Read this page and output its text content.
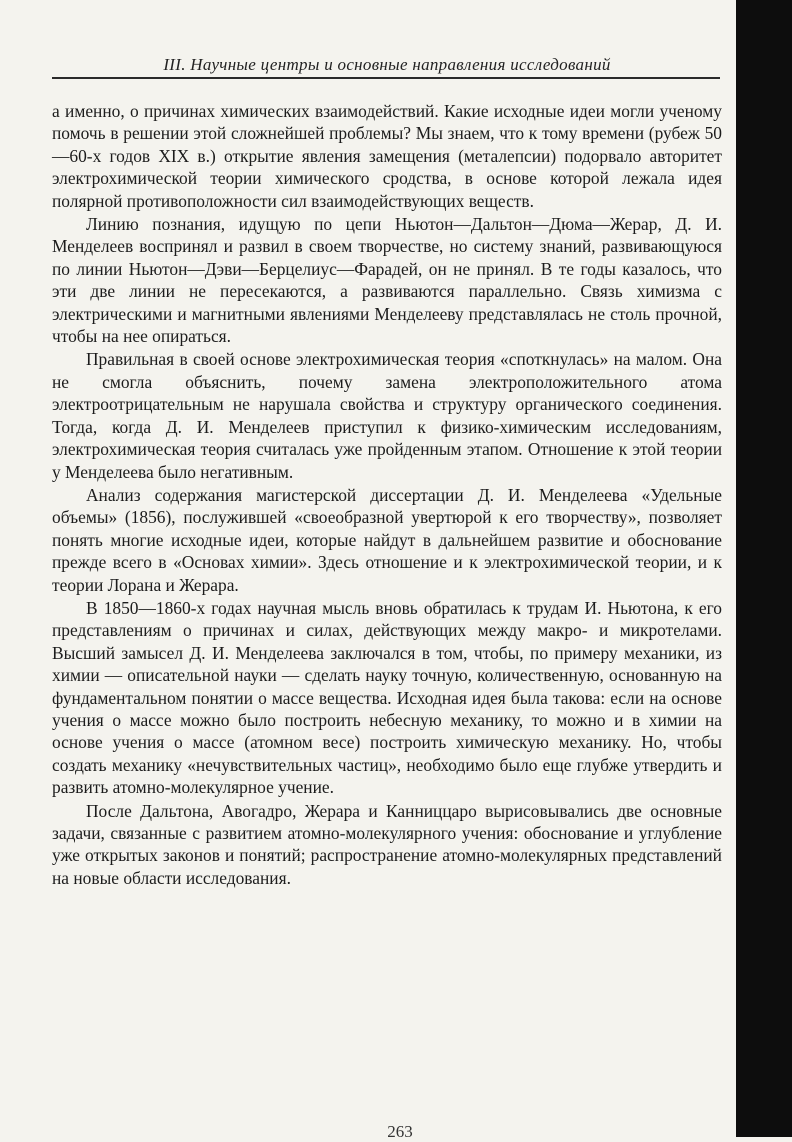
III. Научные центры и основные направления исследований

а именно, о причинах химических взаимодействий. Какие исходные идеи могли ученому помочь в решении этой сложнейшей проблемы? Мы знаем, что к тому времени (рубеж 50—60-х годов XIX в.) открытие явления замещения (металепсии) подорвало авторитет электрохимической теории химического сродства, в основе которой лежала идея полярной противоположности сил взаимодействующих веществ.

Линию познания, идущую по цепи Ньютон—Дальтон—Дюма—Жерар, Д. И. Менделеев воспринял и развил в своем творчестве, но систему знаний, развивающуюся по линии Ньютон—Дэви—Берцелиус—Фарадей, он не принял. В те годы казалось, что эти две линии не пересекаются, а развиваются параллельно. Связь химизма с электрическими и магнитными явлениями Менделееву представлялась не столь прочной, чтобы на нее опираться.

Правильная в своей основе электрохимическая теория «споткнулась» на малом. Она не смогла объяснить, почему замена электроположительного атома электроотрицательным не нарушала свойства и структуру органического соединения. Тогда, когда Д. И. Менделеев приступил к физико-химическим исследованиям, электрохимическая теория считалась уже пройденным этапом. Отношение к этой теории у Менделеева было негативным.

Анализ содержания магистерской диссертации Д. И. Менделеева «Удельные объемы» (1856), послужившей «своеобразной увертюрой к его творчеству», позволяет понять многие исходные идеи, которые найдут в дальнейшем развитие и обоснование прежде всего в «Основах химии». Здесь отношение и к электрохимической теории, и к теории Лорана и Жерара.

В 1850—1860-х годах научная мысль вновь обратилась к трудам И. Ньютона, к его представлениям о причинах и силах, действующих между макро- и микротелами. Высший замысел Д. И. Менделеева заключался в том, чтобы, по примеру механики, из химии — описательной науки — сделать науку точную, количественную, основанную на фундаментальном понятии о массе вещества. Исходная идея была такова: если на основе учения о массе можно было построить небесную механику, то можно и в химии на основе учения о массе (атомном весе) построить химическую механику. Но, чтобы создать механику «нечувствительных частиц», необходимо было еще глубже утвердить и развить атомно-молекулярное учение.

После Дальтона, Авогадро, Жерара и Канниццаро вырисовывались две основные задачи, связанные с развитием атомно-молекулярного учения: обоснование и углубление уже открытых законов и понятий; распространение атомно-молекулярных представлений на новые области исследования.

263
